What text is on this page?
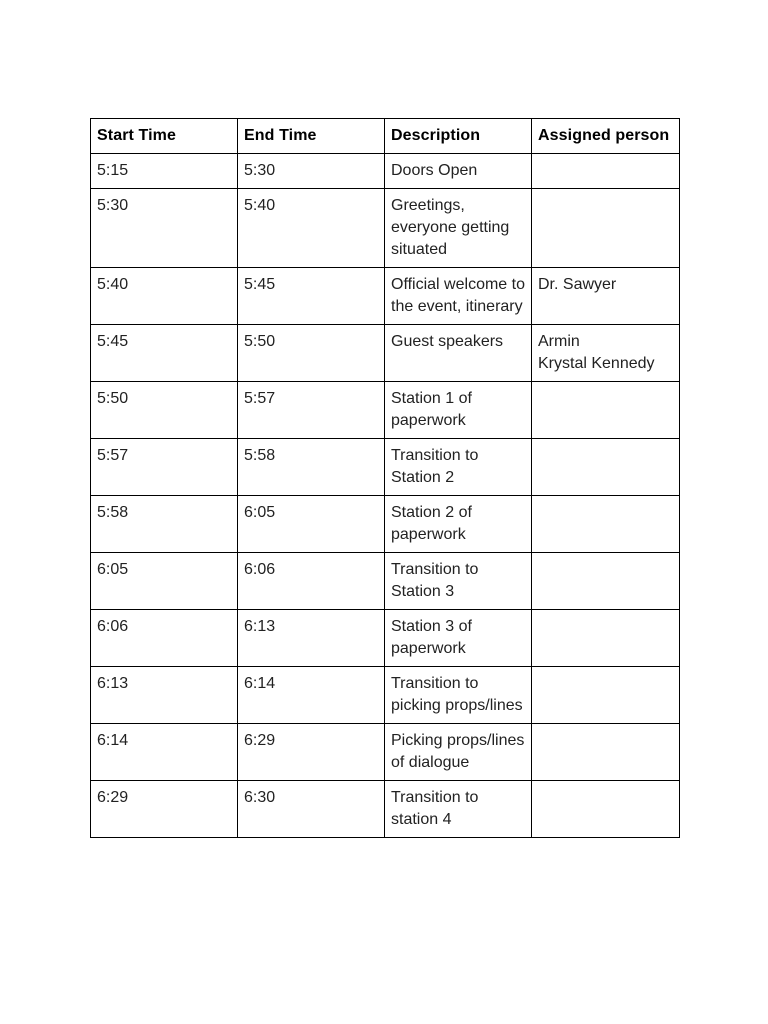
Start Time	End Time	Description	Assigned person

5:15	5:30	Doors Open	

5:30	5:40	Greetings, everyone getting situated	

5:40	5:45	Official welcome to the event, itinerary	Dr. Sawyer

5:45	5:50	Guest speakers	Armin
Krystal Kennedy

5:50	5:57	Station 1 of paperwork	

5:57	5:58	Transition to Station 2	

5:58	6:05	Station 2 of paperwork	

6:05	6:06	Transition to Station 3	

6:06	6:13	Station 3 of paperwork	

6:13	6:14	Transition to picking props/lines	

6:14	6:29	Picking props/lines of dialogue	

6:29	6:30	Transition to station 4	
